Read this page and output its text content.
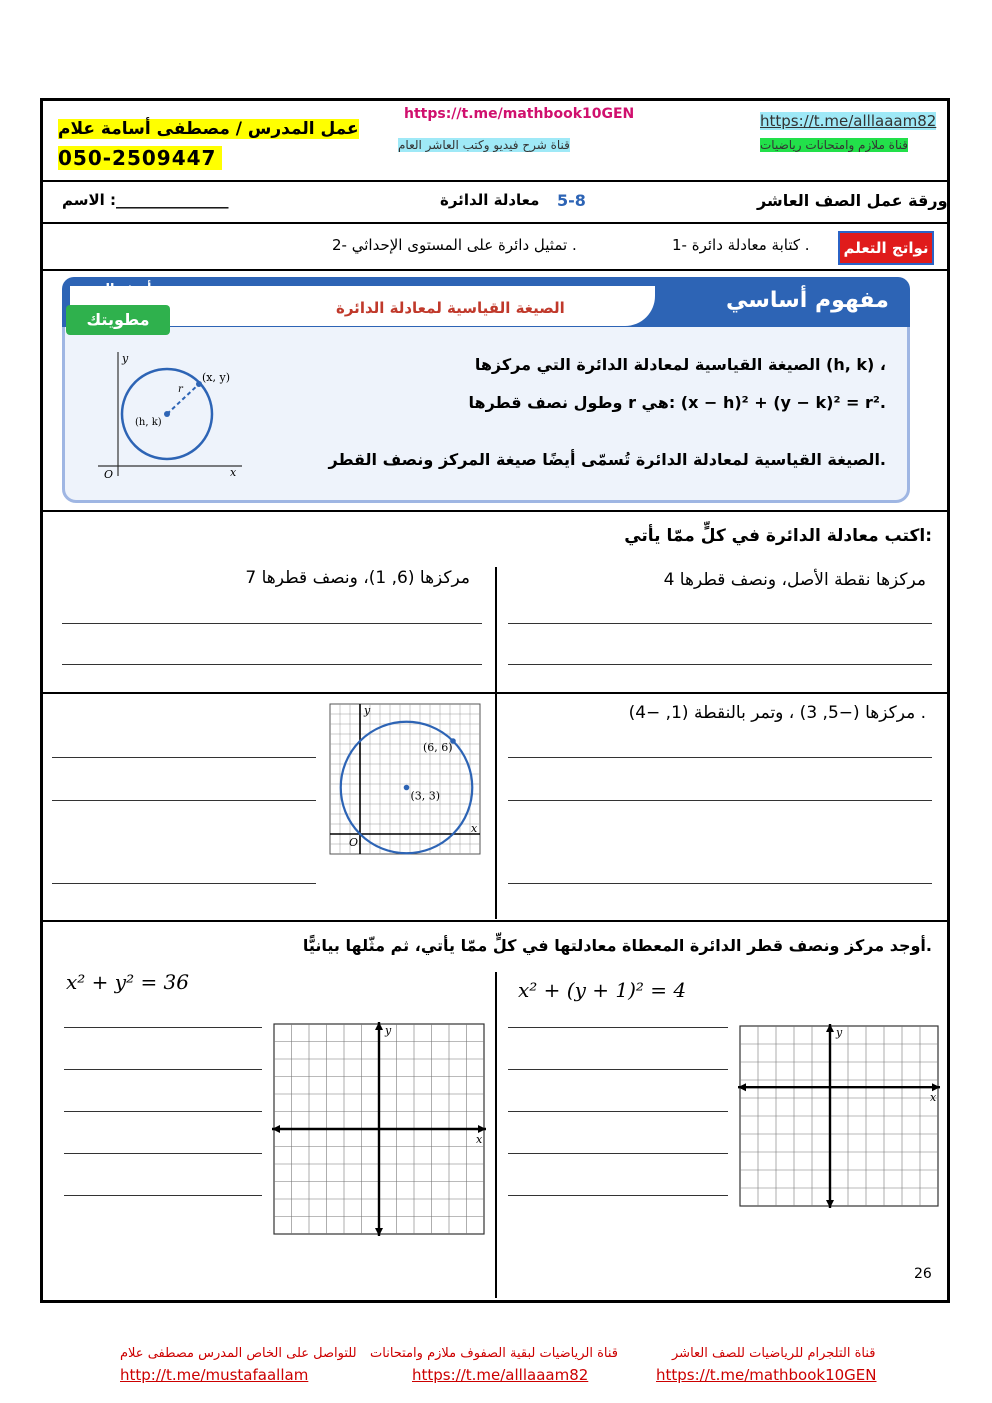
عمل المدرس / مصطفى أسامة علام
050-2509447
https://t.me/mathbook10GEN
قناة شرح فيديو وكتب العاشر العام
https://t.me/alllaaam82
قناة ملازم وامتحانات رياضيات
ورقة عمل الصف العاشر
5-8
معادلة الدائرة
الاسم :_______________
نواتج التعلم
1- كتابة معادلة دائرة .
2- تمثيل دائرة على المستوى الإحداثي .
مفهوم أساسي
الصيغة القياسية لمعادلة الدائرة
أضف إلى
مطويتك
الصيغة القياسية لمعادلة الدائرة التي مركزها (h, k) ،
وطول نصف قطرها r هي: (x − h)² + (y − k)² = r².
الصيغة القياسية لمعادلة الدائرة تُسمّى أيضًا صيغة المركز ونصف القطر.
y
x
O
(x, y)
(h, k)
r
اكتب معادلة الدائرة في كلٍّ ممّا يأتي:
مركزها نقطة الأصل، ونصف قطرها 4
مركزها (6, 1)، ونصف قطرها 7
مركزها (−5, 3) ، وتمر بالنقطة (1, −4) .
(3, 3)
(6, 6)
y
x
O
أوجد مركز ونصف قطر الدائرة المعطاة معادلتها في كلٍّ ممّا يأتي، ثم مثّلها بيانيًّا.
x² + y² = 36	x² + (y + 1)² = 4
y
x
y
x
26
قناة التلجرام للرياضيات للصف العاشر
قناة الرياضيات لبقية الصفوف ملازم وامتحانات
للتواصل على الخاص المدرس مصطفى علام
https://t.me/mathbook10GEN
https://t.me/alllaaam82
http://t.me/mustafaallam
